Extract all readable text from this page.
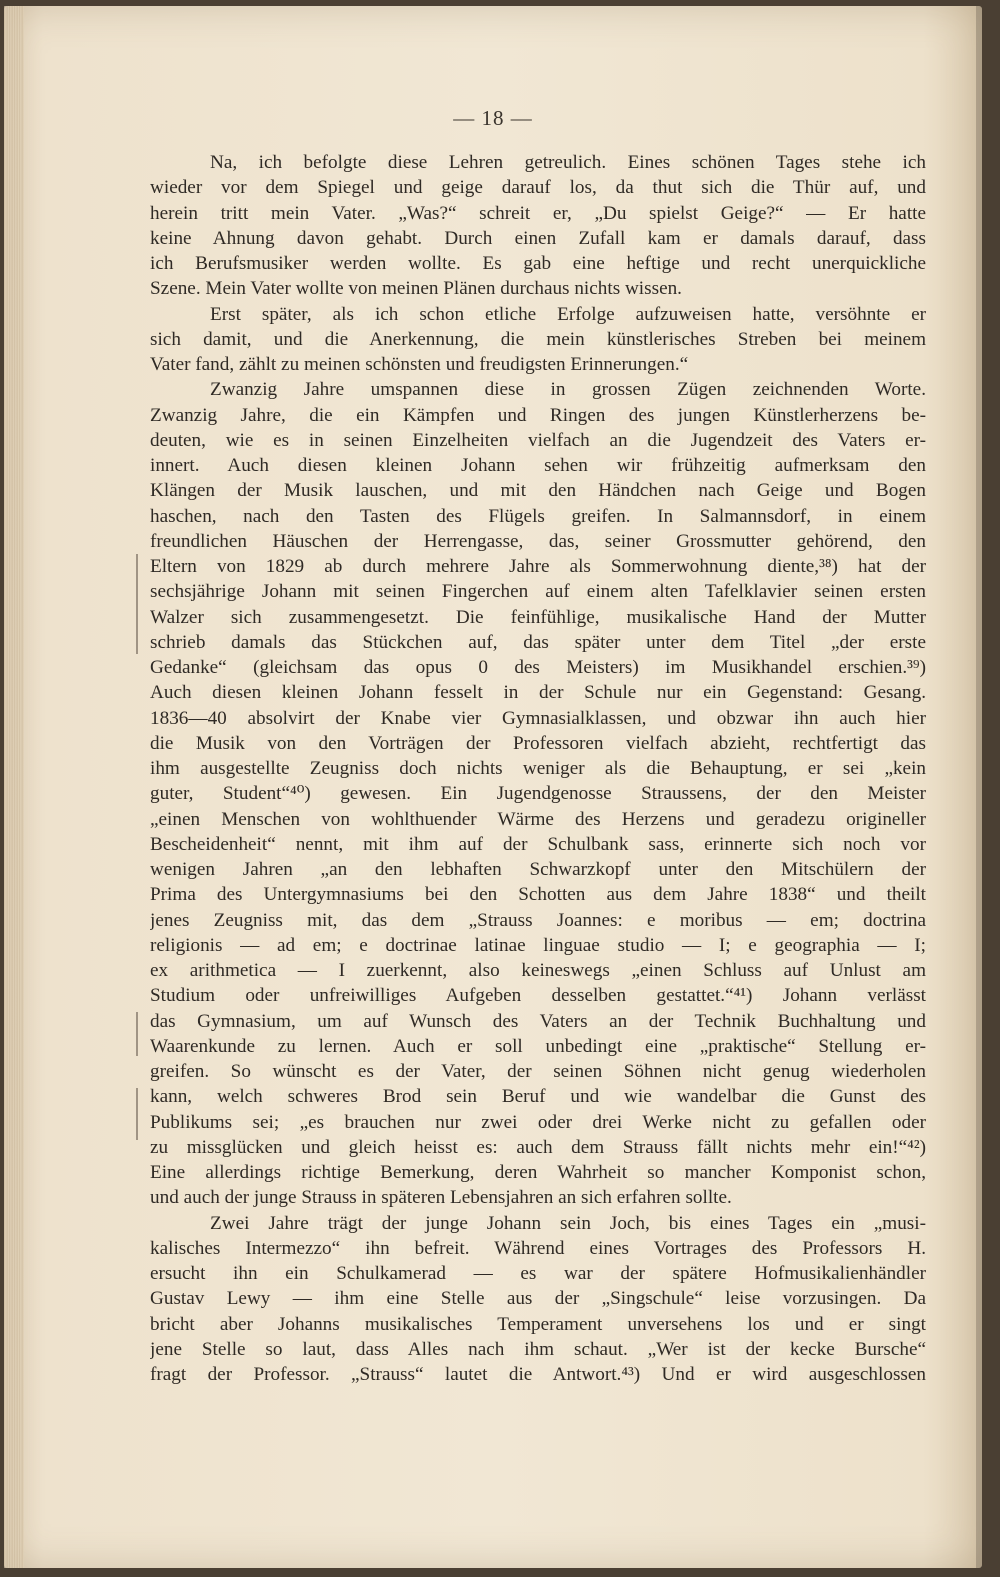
— 18 —
Na, ich befolgte diese Lehren getreulich. Eines schönen Tages stehe ich
wieder vor dem Spiegel und geige darauf los, da thut sich die Thür auf, und
herein tritt mein Vater. „Was?“ schreit er, „Du spielst Geige?“ — Er hatte
keine Ahnung davon gehabt. Durch einen Zufall kam er damals darauf, dass
ich Berufsmusiker werden wollte. Es gab eine heftige und recht unerquickliche
Szene. Mein Vater wollte von meinen Plänen durchaus nichts wissen.
Erst später, als ich schon etliche Erfolge aufzuweisen hatte, versöhnte er
sich damit, und die Anerkennung, die mein künstlerisches Streben bei meinem
Vater fand, zählt zu meinen schönsten und freudigsten Erinnerungen.“
Zwanzig Jahre umspannen diese in grossen Zügen zeichnenden Worte.
Zwanzig Jahre, die ein Kämpfen und Ringen des jungen Künstlerherzens be-
deuten, wie es in seinen Einzelheiten vielfach an die Jugendzeit des Vaters er-
innert. Auch diesen kleinen Johann sehen wir frühzeitig aufmerksam den
Klängen der Musik lauschen, und mit den Händchen nach Geige und Bogen
haschen, nach den Tasten des Flügels greifen. In Salmannsdorf, in einem
freundlichen Häuschen der Herrengasse, das, seiner Grossmutter gehörend, den
Eltern von 1829 ab durch mehrere Jahre als Sommerwohnung diente,³⁸) hat der
sechsjährige Johann mit seinen Fingerchen auf einem alten Tafelklavier seinen ersten
Walzer sich zusammengesetzt. Die feinfühlige, musikalische Hand der Mutter
schrieb damals das Stückchen auf, das später unter dem Titel „der erste
Gedanke“ (gleichsam das opus 0 des Meisters) im Musikhandel erschien.³⁹)
Auch diesen kleinen Johann fesselt in der Schule nur ein Gegenstand: Gesang.
1836—40 absolvirt der Knabe vier Gymnasialklassen, und obzwar ihn auch hier
die Musik von den Vorträgen der Professoren vielfach abzieht, rechtfertigt das
ihm ausgestellte Zeugniss doch nichts weniger als die Behauptung, er sei „kein
guter, Student“⁴⁰) gewesen. Ein Jugendgenosse Straussens, der den Meister
„einen Menschen von wohlthuender Wärme des Herzens und geradezu origineller
Bescheidenheit“ nennt, mit ihm auf der Schulbank sass, erinnerte sich noch vor
wenigen Jahren „an den lebhaften Schwarzkopf unter den Mitschülern der
Prima des Untergymnasiums bei den Schotten aus dem Jahre 1838“ und theilt
jenes Zeugniss mit, das dem „Strauss Joannes: e moribus — em; doctrina
religionis — ad em; e doctrinae latinae linguae studio — I; e geographia — I;
ex arithmetica — I zuerkennt, also keineswegs „einen Schluss auf Unlust am
Studium oder unfreiwilliges Aufgeben desselben gestattet.“⁴¹) Johann verlässt
das Gymnasium, um auf Wunsch des Vaters an der Technik Buchhaltung und
Waarenkunde zu lernen. Auch er soll unbedingt eine „praktische“ Stellung er-
greifen. So wünscht es der Vater, der seinen Söhnen nicht genug wiederholen
kann, welch schweres Brod sein Beruf und wie wandelbar die Gunst des
Publikums sei; „es brauchen nur zwei oder drei Werke nicht zu gefallen oder
zu missglücken und gleich heisst es: auch dem Strauss fällt nichts mehr ein!“⁴²)
Eine allerdings richtige Bemerkung, deren Wahrheit so mancher Komponist schon,
und auch der junge Strauss in späteren Lebensjahren an sich erfahren sollte.
Zwei Jahre trägt der junge Johann sein Joch, bis eines Tages ein „musi-
kalisches Intermezzo“ ihn befreit. Während eines Vortrages des Professors H.
ersucht ihn ein Schulkamerad — es war der spätere Hofmusikalienhändler
Gustav Lewy — ihm eine Stelle aus der „Singschule“ leise vorzusingen. Da
bricht aber Johanns musikalisches Temperament unversehens los und er singt
jene Stelle so laut, dass Alles nach ihm schaut. „Wer ist der kecke Bursche“
fragt der Professor. „Strauss“ lautet die Antwort.⁴³) Und er wird ausgeschlossen
